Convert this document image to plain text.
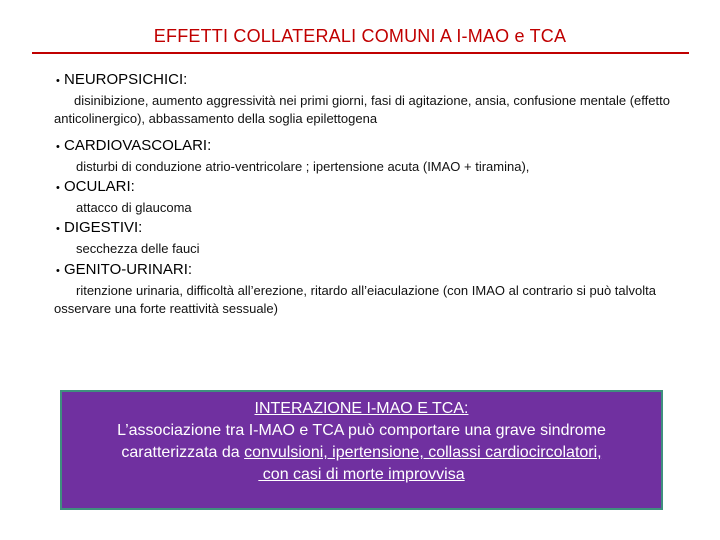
EFFETTI COLLATERALI COMUNI A I-MAO e TCA
• NEUROPSICHICI:
disinibizione, aumento aggressività nei primi giorni, fasi di agitazione, ansia, confusione mentale (effetto anticolinergico), abbassamento della soglia epilettogena
• CARDIOVASCOLARI:
disturbi di conduzione atrio-ventricolare ; ipertensione acuta (IMAO + tiramina),
• OCULARI:
attacco di glaucoma
• DIGESTIVI:
secchezza delle fauci
• GENITO-URINARI:
ritenzione urinaria, difficoltà all’erezione, ritardo all’eiaculazione (con IMAO al contrario si può talvolta osservare una forte reattività sessuale)
INTERAZIONE I-MAO E TCA:
L’associazione tra I-MAO e TCA può comportare una grave sindrome
caratterizzata da convulsioni, ipertensione, collassi cardiocircolatori,
con casi di morte improvvisa
